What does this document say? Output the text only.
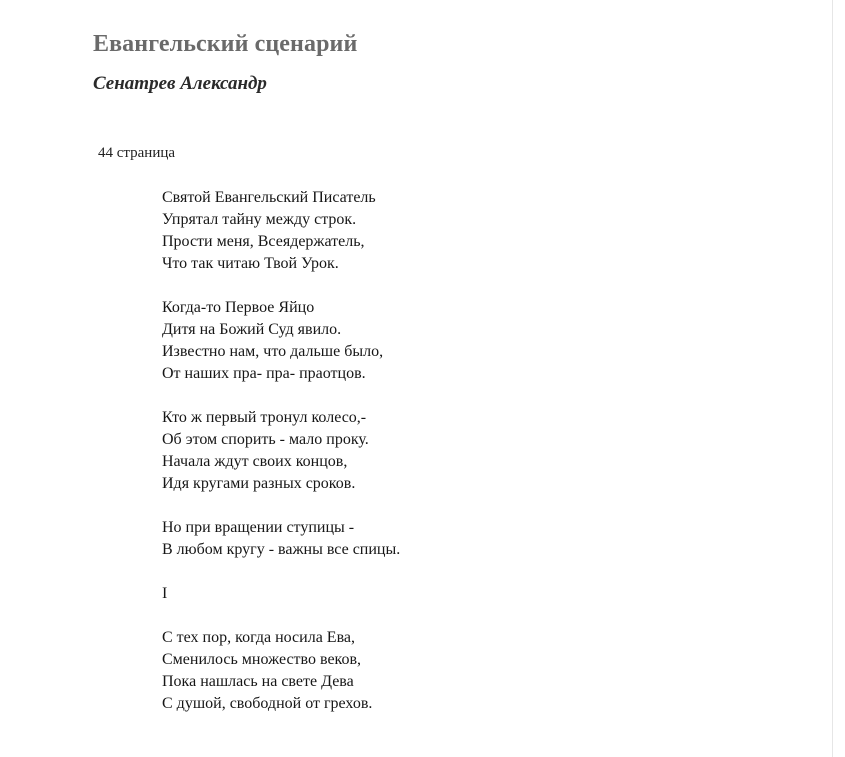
Евангельский сценарий
Сенатрев Александр
44 страница
Святой Евангельский Писатель
Упрятал тайну между строк.
Прости меня, Всеядержатель,
Что так читаю Твой Урок.
Когда-то Первое Яйцо
Дитя на Божий Суд явило.
Известно нам, что дальше было,
От наших пра- пра- праотцов.
Кто ж первый тронул колесо,-
Об этом спорить - мало проку.
Начала ждут своих концов,
Идя кругами разных сроков.
Но при вращении ступицы -
В любом кругу - важны все спицы.
I
С тех пор, когда носила Ева,
Сменилось множество веков,
Пока нашлась на свете Дева
С душой, свободной от грехов.
